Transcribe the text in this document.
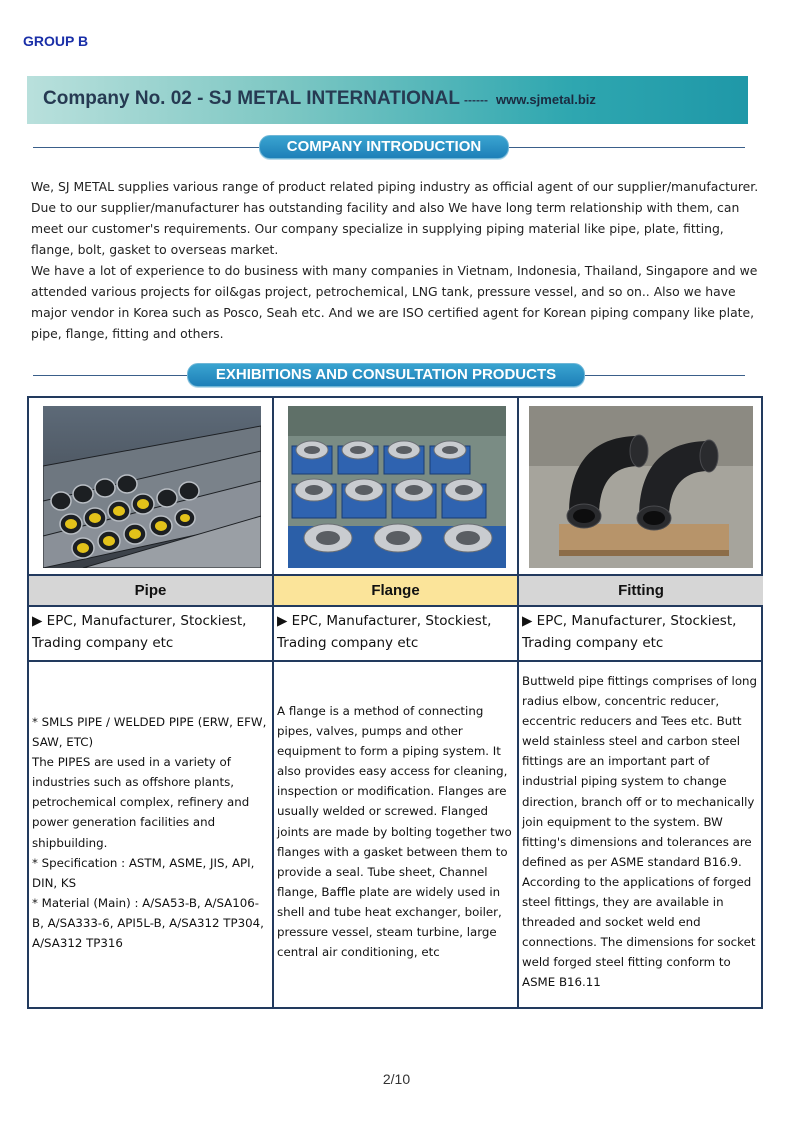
GROUP B
Company No. 02 - SJ METAL INTERNATIONAL ------ www.sjmetal.biz
COMPANY INTRODUCTION

We, SJ METAL supplies various range of product related piping industry as official agent of our supplier/manufacturer. Due to our supplier/manufacturer has outstanding facility and also We have long term relationship with them, can meet our customer's requirements. Our company specialize in supplying piping material like pipe, plate, fitting, flange, bolt, gasket to overseas market.

We have a lot of experience to do business with many companies in Vietnam, Indonesia, Thailand, Singapore and we attended various projects for oil&gas project, petrochemical, LNG tank, pressure vessel, and so on.. Also we have major vendor in Korea such as Posco, Seah etc. And we are ISO certified agent for Korean piping company like plate, pipe, flange, fitting and others.

EXHIBITIONS AND CONSULTATION PRODUCTS
Pipe
▶ EPC, Manufacturer, Stockiest, Trading company etc
* SMLS PIPE / WELDED PIPE (ERW, EFW, SAW, ETC)
The PIPES are used in a variety of industries such as offshore plants, petrochemical complex, refinery and power generation facilities and shipbuilding.
* Specification : ASTM, ASME, JIS, API, DIN, KS
* Material (Main) : A/SA53-B, A/SA106-B, A/SA333-6, API5L-B, A/SA312 TP304, A/SA312 TP316
Flange
▶ EPC, Manufacturer, Stockiest, Trading company etc
A flange is a method of connecting pipes, valves, pumps and other equipment to form a piping system. It also provides easy access for cleaning, inspection or modification. Flanges are usually welded or screwed. Flanged joints are made by bolting together two flanges with a gasket between them to provide a seal. Tube sheet, Channel flange, Baffle plate are widely used in shell and tube heat exchanger, boiler, pressure vessel, steam turbine, large central air conditioning, etc
Fitting
▶ EPC, Manufacturer, Stockiest, Trading company etc
Buttweld pipe fittings comprises of long radius elbow, concentric reducer, eccentric reducers and Tees etc. Butt weld stainless steel and carbon steel fittings are an important part of industrial piping system to change direction, branch off or to mechanically join equipment to the system. BW fitting's dimensions and tolerances are defined as per ASME standard B16.9. According to the applications of forged steel fittings, they are available in threaded and socket weld end connections. The dimensions for socket weld forged steel fitting conform to ASME B16.11
2/10
